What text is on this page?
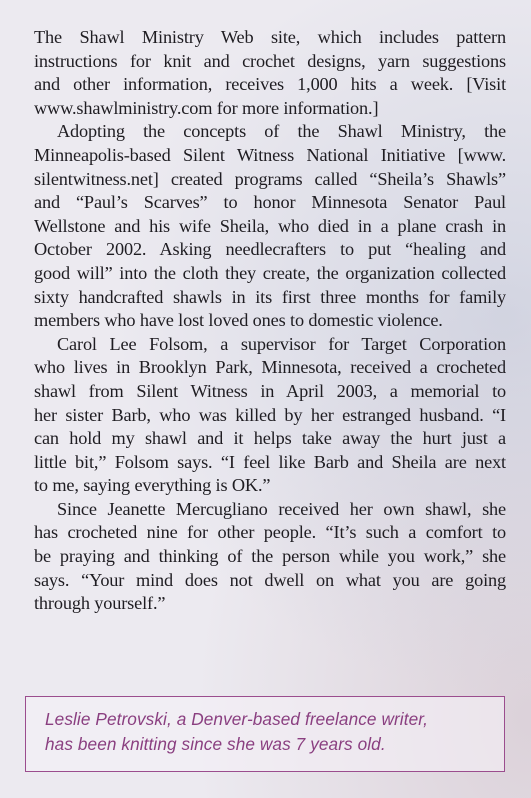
The Shawl Ministry Web site, which includes pattern
instructions for knit and crochet designs, yarn suggestions
and other information, receives 1,000 hits a week. [Visit
www.shawlministry.com for more information.]

Adopting the concepts of the Shawl Ministry, the
Minneapolis-based Silent Witness National Initiative [www.
silentwitness.net] created programs called “Sheila’s Shawls”
and “Paul’s Scarves” to honor Minnesota Senator Paul
Wellstone and his wife Sheila, who died in a plane crash in
October 2002. Asking needlecrafters to put “healing and
good will” into the cloth they create, the organization collected
sixty handcrafted shawls in its first three months for family
members who have lost loved ones to domestic violence.

Carol Lee Folsom, a supervisor for Target Corporation
who lives in Brooklyn Park, Minnesota, received a crocheted
shawl from Silent Witness in April 2003, a memorial to
her sister Barb, who was killed by her estranged husband. “I
can hold my shawl and it helps take away the hurt just a
little bit,” Folsom says. “I feel like Barb and Sheila are next
to me, saying everything is OK.”

Since Jeanette Mercugliano received her own shawl, she
has crocheted nine for other people. “It’s such a comfort to
be praying and thinking of the person while you work,” she
says. “Your mind does not dwell on what you are going
through yourself.”

Leslie Petrovski, a Denver-based freelance writer,
has been knitting since she was 7 years old.
